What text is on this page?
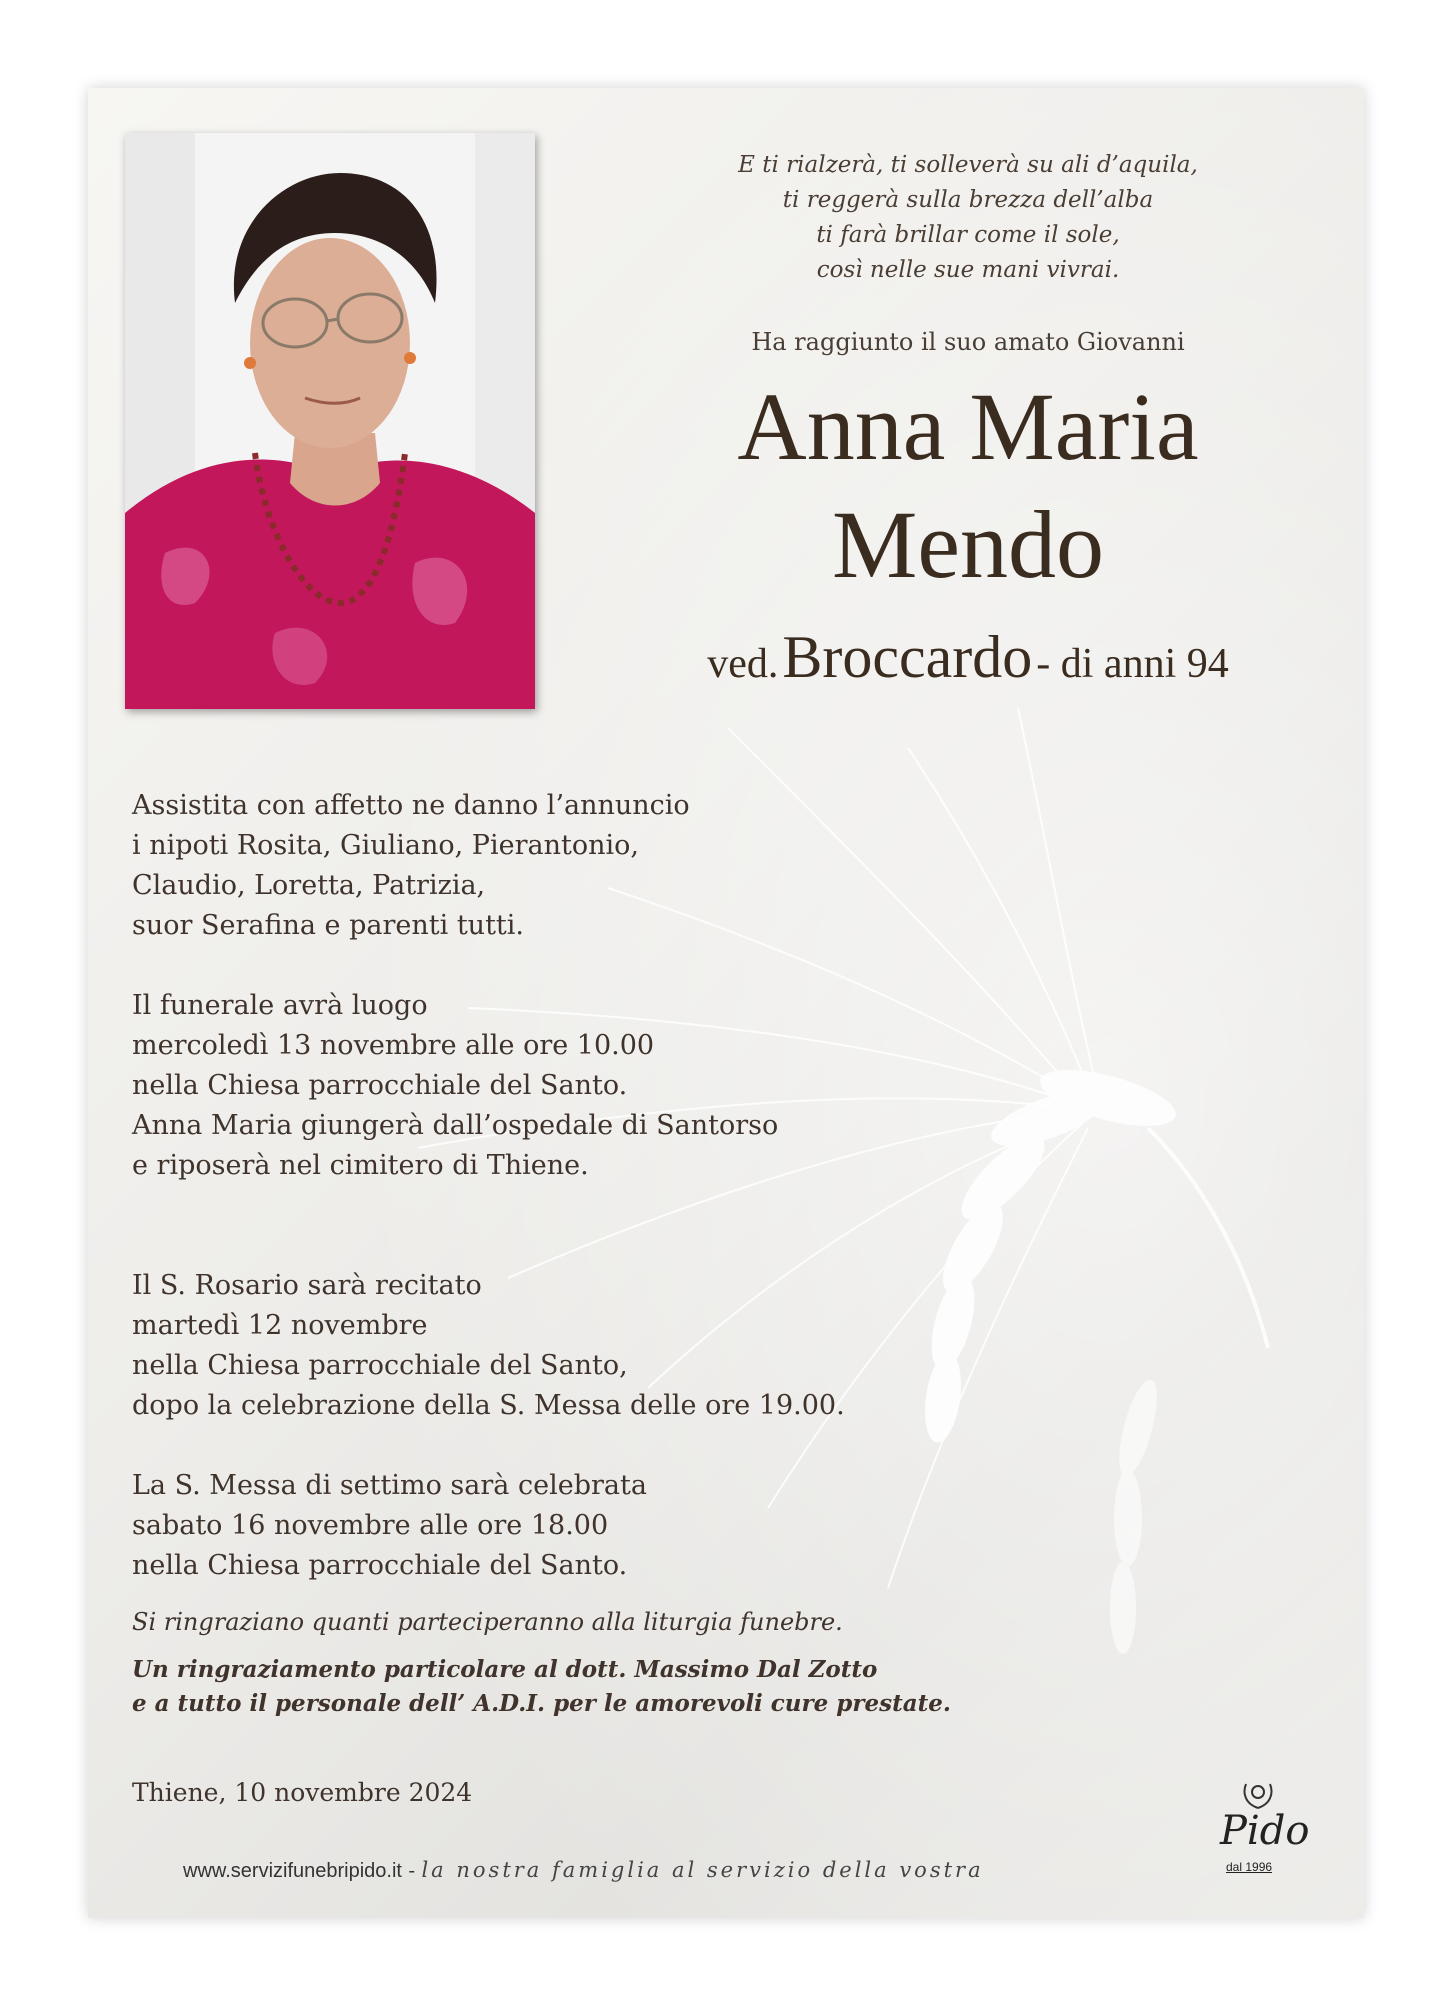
E ti rialzerà, ti solleverà su ali d’aquila,
ti reggerà sulla brezza dell’alba
ti farà brillar come il sole,
così nelle sue mani vivrai.
Ha raggiunto il suo amato Giovanni
Anna Maria
Mendo
ved. Broccardo - di anni 94
Assistita con affetto ne danno l’annuncio
i nipoti Rosita, Giuliano, Pierantonio,
Claudio, Loretta, Patrizia,
suor Serafina e parenti tutti.
Il funerale avrà luogo
mercoledì 13 novembre alle ore 10.00
nella Chiesa parrocchiale del Santo.
Anna Maria giungerà dall’ospedale di Santorso
e riposerà nel cimitero di Thiene.
Il S. Rosario sarà recitato
martedì 12 novembre
nella Chiesa parrocchiale del Santo,
dopo la celebrazione della S. Messa delle ore 19.00.
La S. Messa di settimo sarà celebrata
sabato 16 novembre alle ore 18.00
nella Chiesa parrocchiale del Santo.
Si ringraziano quanti parteciperanno alla liturgia funebre.
Un ringraziamento particolare al dott. Massimo Dal Zotto
e a tutto il personale dell’ A.D.I. per le amorevoli cure prestate.
Thiene, 10 novembre 2024
www.servizifunebripido.it - la nostra famiglia al servizio della vostra
Pido
dal 1996
